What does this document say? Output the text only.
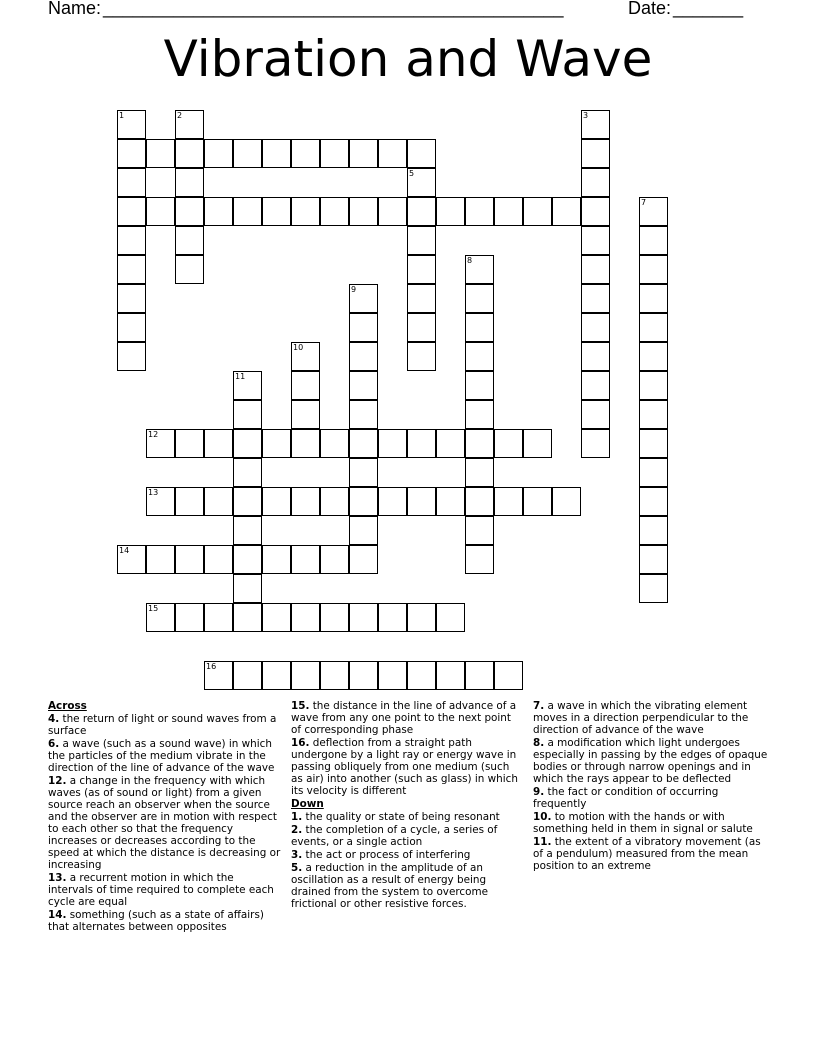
Name: ______________________________________________	Date: _______
Vibration and Wave
1	2	3
5
7
8
9
10
11
12
13
14
15
16
Across
4. the return of light or sound waves from a surface
6. a wave (such as a sound wave) in which the particles of the medium vibrate in the direction of the line of advance of the wave
12. a change in the frequency with which waves (as of sound or light) from a given source reach an observer when the source and the observer are in motion with respect to each other so that the frequency increases or decreases according to the speed at which the distance is decreasing or increasing
13. a recurrent motion in which the intervals of time required to complete each cycle are equal
14. something (such as a state of affairs) that alternates between opposites
15. the distance in the line of advance of a wave from any one point to the next point of corresponding phase
16. deflection from a straight path undergone by a light ray or energy wave in passing obliquely from one medium (such as air) into another (such as glass) in which its velocity is different
Down
1. the quality or state of being resonant
2. the completion of a cycle, a series of events, or a single action
3. the act or process of interfering
5. a reduction in the amplitude of an oscillation as a result of energy being drained from the system to overcome frictional or other resistive forces.
7. a wave in which the vibrating element moves in a direction perpendicular to the direction of advance of the wave
8. a modification which light undergoes especially in passing by the edges of opaque bodies or through narrow openings and in which the rays appear to be deflected
9. the fact or condition of occurring frequently
10. to motion with the hands or with something held in them in signal or salute
11. the extent of a vibratory movement (as of a pendulum) measured from the mean position to an extreme
